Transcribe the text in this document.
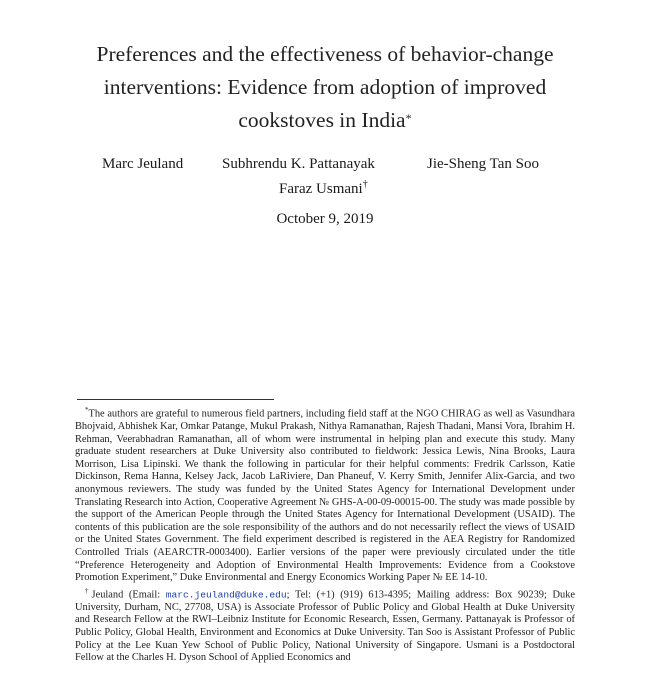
Preferences and the effectiveness of behavior-change interventions: Evidence from adoption of improved cookstoves in India*
Marc Jeuland	Subhrendu K. Pattanayak	Jie-Sheng Tan Soo
Faraz Usmani†
October 9, 2019

*The authors are grateful to numerous field partners, including field staff at the NGO CHIRAG as well as Vasundhara Bhojvaid, Abhishek Kar, Omkar Patange, Mukul Prakash, Nithya Ramanathan, Rajesh Thadani, Mansi Vora, Ibrahim H. Rehman, Veerabhadran Ramanathan, all of whom were instrumental in helping plan and execute this study. Many graduate student researchers at Duke University also contributed to fieldwork: Jessica Lewis, Nina Brooks, Laura Morrison, Lisa Lipinski. We thank the following in particular for their helpful comments: Fredrik Carlsson, Katie Dickinson, Rema Hanna, Kelsey Jack, Jacob LaRiviere, Dan Phaneuf, V. Kerry Smith, Jennifer Alix-Garcia, and two anonymous reviewers. The study was funded by the United States Agency for International Development under Translating Research into Action, Cooperative Agreement № GHS-A-00-09-00015-00. The study was made possible by the support of the American People through the United States Agency for International Development (USAID). The contents of this publication are the sole responsibility of the authors and do not necessarily reflect the views of USAID or the United States Government. The field experiment described is registered in the AEA Registry for Randomized Controlled Trials (AEARCTR-0003400). Earlier versions of the paper were previously circulated under the title “Preference Heterogeneity and Adoption of Environmental Health Improvements: Evidence from a Cookstove Promotion Experiment,” Duke Environmental and Energy Economics Working Paper № EE 14-10.

†Jeuland (Email: marc.jeuland@duke.edu; Tel: (+1) (919) 613-4395; Mailing address: Box 90239; Duke University, Durham, NC, 27708, USA) is Associate Professor of Public Policy and Global Health at Duke University and Research Fellow at the RWI–Leibniz Institute for Economic Research, Essen, Germany. Pattanayak is Professor of Public Policy, Global Health, Environment and Economics at Duke University. Tan Soo is Assistant Professor of Public Policy at the Lee Kuan Yew School of Public Policy, National University of Singapore. Usmani is a Postdoctoral Fellow at the Charles H. Dyson School of Applied Economics and
